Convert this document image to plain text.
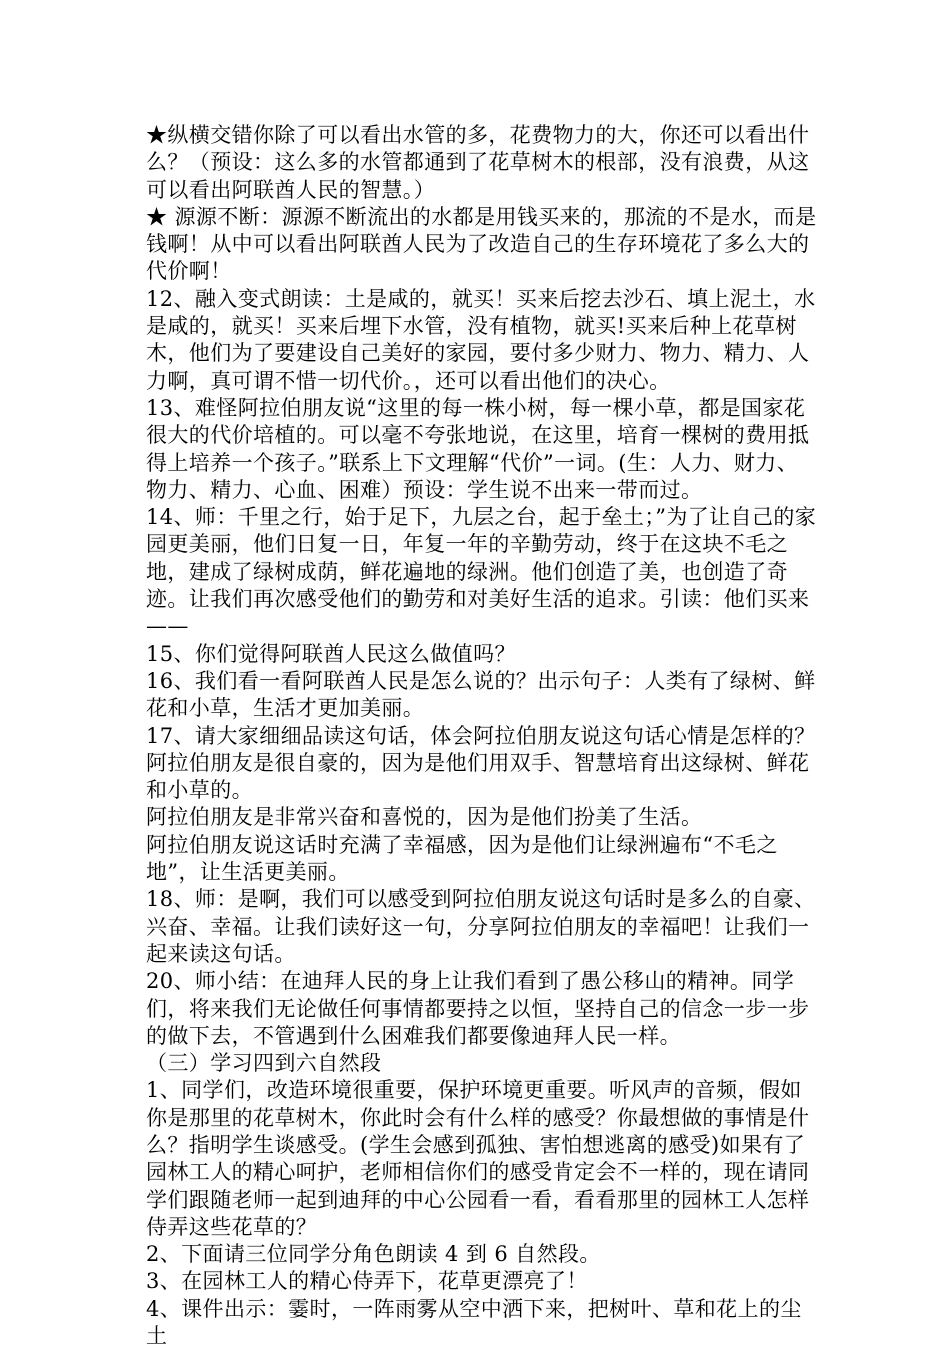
★纵横交错你除了可以看出水管的多，花费物力的大，你还可以看出什么？（预设：这么多的水管都通到了花草树木的根部，没有浪费，从这可以看出阿联酋人民的智慧。）

★ 源源不断：源源不断流出的水都是用钱买来的，那流的不是水，而是钱啊！从中可以看出阿联酋人民为了改造自己的生存环境花了多么大的代价啊！

12、融入变式朗读：土是咸的，就买！买来后挖去沙石、填上泥土，水是咸的，就买！买来后埋下水管，没有植物，就买!买来后种上花草树木，他们为了要建设自己美好的家园，要付多少财力、物力、精力、人力啊，真可谓不惜一切代价。，还可以看出他们的决心。

13、难怪阿拉伯朋友说“这里的每一株小树，每一棵小草，都是国家花很大的代价培植的。可以毫不夸张地说，在这里，培育一棵树的费用抵得上培养一个孩子。”联系上下文理解“代价”一词。(生：人力、财力、物力、精力、心血、困难）预设：学生说不出来一带而过。

14、师：千里之行，始于足下，九层之台，起于垒土；”为了让自己的家园更美丽，他们日复一日，年复一年的辛勤劳动，终于在这块不毛之地，建成了绿树成荫，鲜花遍地的绿洲。他们创造了美，也创造了奇迹。让我们再次感受他们的勤劳和对美好生活的追求。引读：他们买来——

15、你们觉得阿联酋人民这么做值吗？

16、我们看一看阿联酋人民是怎么说的？出示句子：人类有了绿树、鲜花和小草，生活才更加美丽。

17、请大家细细品读这句话，体会阿拉伯朋友说这句话心情是怎样的？阿拉伯朋友是很自豪的，因为是他们用双手、智慧培育出这绿树、鲜花和小草的。

阿拉伯朋友是非常兴奋和喜悦的，因为是他们扮美了生活。

阿拉伯朋友说这话时充满了幸福感，因为是他们让绿洲遍布“不毛之地”，让生活更美丽。

18、师：是啊，我们可以感受到阿拉伯朋友说这句话时是多么的自豪、兴奋、幸福。让我们读好这一句，分享阿拉伯朋友的幸福吧！让我们一起来读这句话。

20、师小结：在迪拜人民的身上让我们看到了愚公移山的精神。同学们，将来我们无论做任何事情都要持之以恒，坚持自己的信念一步一步的做下去，不管遇到什么困难我们都要像迪拜人民一样。

（三）学习四到六自然段

1、同学们，改造环境很重要，保护环境更重要。听风声的音频，假如你是那里的花草树木，你此时会有什么样的感受？你最想做的事情是什么？指明学生谈感受。(学生会感到孤独、害怕想逃离的感受)如果有了园林工人的精心呵护，老师相信你们的感受肯定会不一样的，现在请同学们跟随老师一起到迪拜的中心公园看一看，看看那里的园林工人怎样侍弄这些花草的？

2、下面请三位同学分角色朗读 4 到 6 自然段。

3、在园林工人的精心侍弄下，花草更漂亮了！

4、课件出示：霎时，一阵雨雾从空中洒下来，把树叶、草和花上的尘土
